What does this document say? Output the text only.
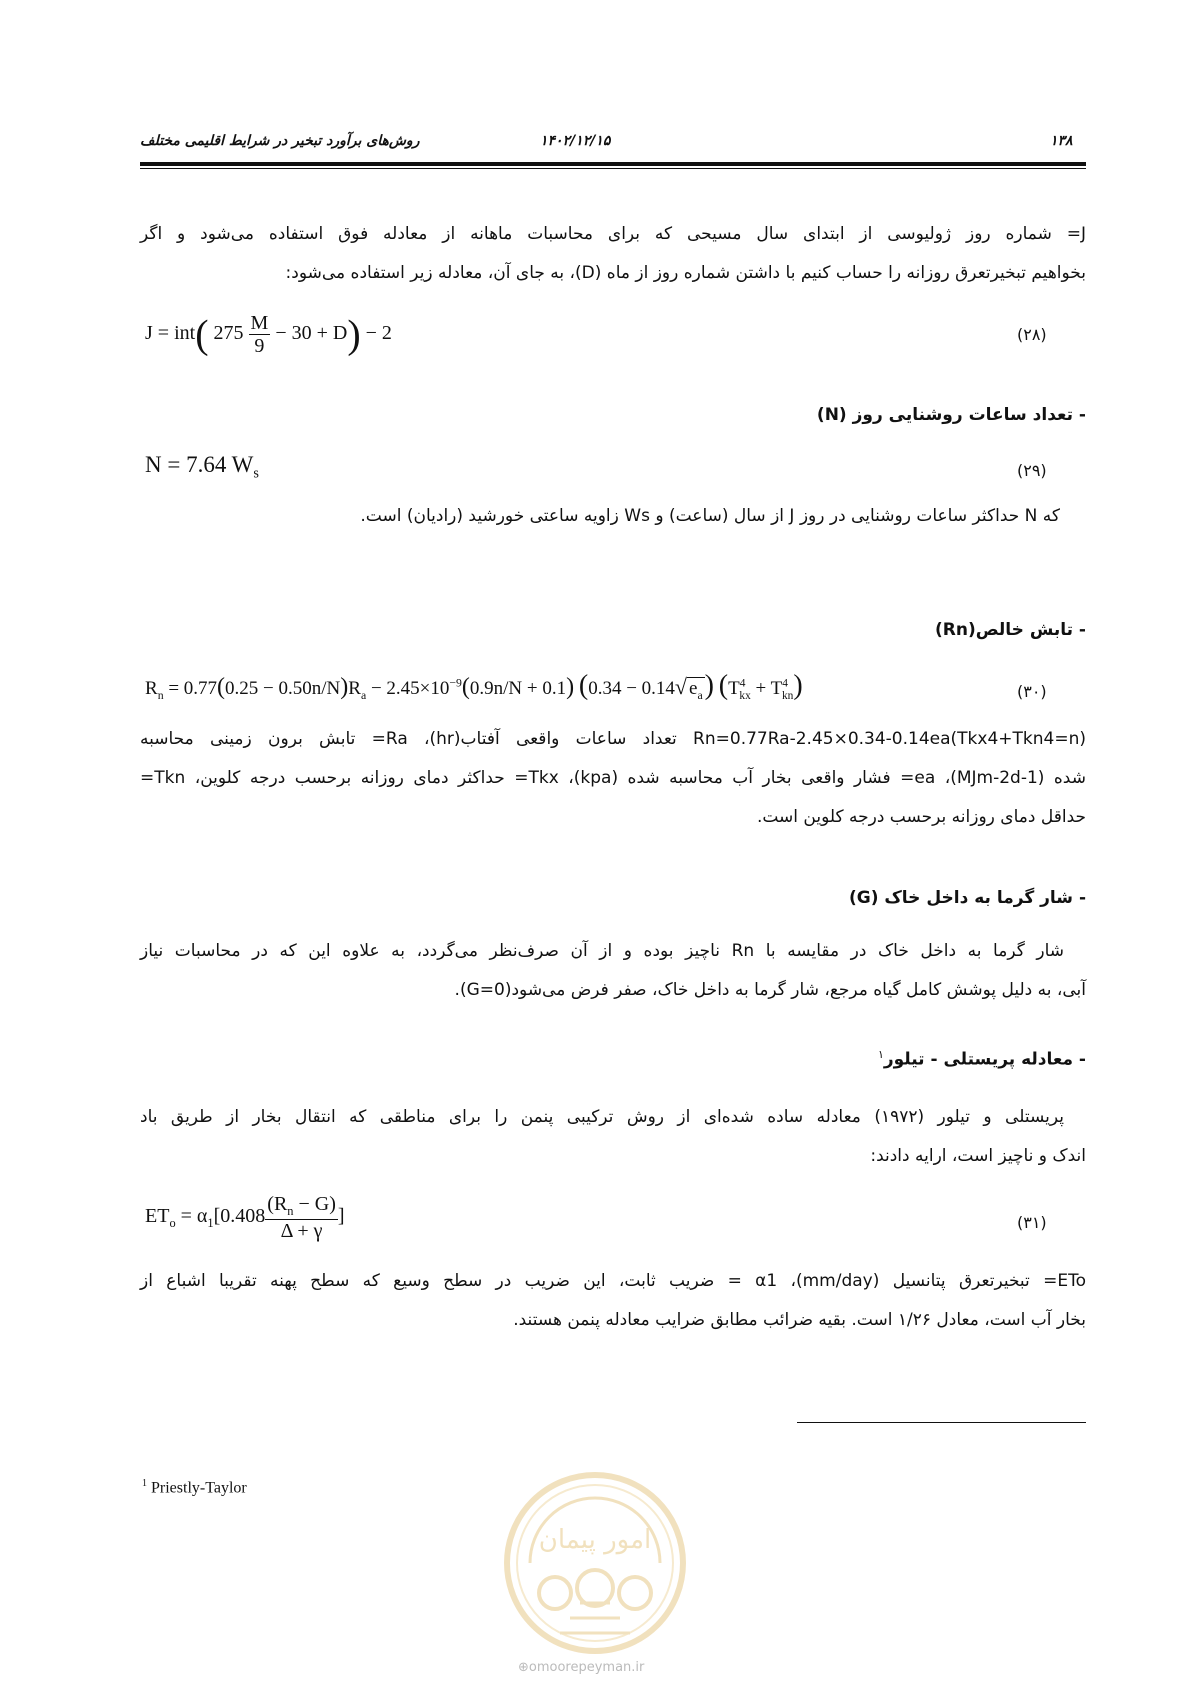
۱۳۸
۱۴۰۲/۱۲/۱۵
روش‌های برآورد تبخیر در شرایط اقلیمی مختلف
J= شماره روز ژولیوسی از ابتدای سال مسیحی که برای محاسبات ماهانه از معادله فوق استفاده می‌شود و اگر
بخواهیم تبخیرتعرق روزانه را حساب کنیم با داشتن شماره روز از ماه (D)، به جای آن، معادله زیر استفاده می‌شود:
J = int( $275 \frac{M}{9} - 30 + D) - 2$	(۲۸)
- تعداد ساعات روشنایی روز (N)
N = 7.64 $W_s$	(۲۹)
که N حداکثر ساعات روشنایی در روز J از سال (ساعت) و Ws زاویه ساعتی خورشید (رادیان) است.
- تابش خالص(Rn)
$R_n = 0.77(0.25 - 0.50n/N)R_a - 2.45\times 10^{-9}(0.9n/N + 0.1) (0.34 - 0.14√$ $e_a$) $(T^4_{kx} + T^4_{kn})$	(۳۰)
(Rn=0.77Ra-2.45×0.34-0.14ea(Tkx4+Tkn4=n تعداد ساعات واقعی آفتاب(hr)، Ra= تابش برون زمینی محاسبه
شده (MJm-2d-1)، ea= فشار واقعی بخار آب محاسبه شده (kpa)، Tkx= حداکثر دمای روزانه برحسب درجه کلوین، Tkn=
حداقل دمای روزانه برحسب درجه کلوین است.
- شار گرما به داخل خاک (G)
شار گرما به داخل خاک در مقایسه با Rn ناچیز بوده و از آن صرف‌نظر می‌گردد، به علاوه این که در محاسبات نیاز
آبی، به دلیل پوشش کامل گیاه مرجع، شار گرما به داخل خاک، صفر فرض می‌شود(G=0).
- معادله پریستلی - تیلور$^۱$
پریستلی و تیلور (۱۹۷۲) معادله ساده شده‌ای از روش ترکیبی پنمن را برای مناطقی که انتقال بخار از طریق باد
اندک و ناچیز است، ارایه دادند:
$ET_o = \alpha_1[0.408 \frac{(R_n - G)}{\Delta + \gamma}$ ]	(۳۱)
ETo= تبخیرتعرق پتانسیل (mm/day)، α1 = ضریب ثابت، این ضریب در سطح وسیع که سطح پهنه تقریبا اشباع از
بخار آب است، معادل ۱/۲۶ است. بقیه ضرائب مطابق ضرایب معادله پنمن هستند.
$^1$ Priestly-Taylor
امور پیمان
⊕omoorepeyman.ir
